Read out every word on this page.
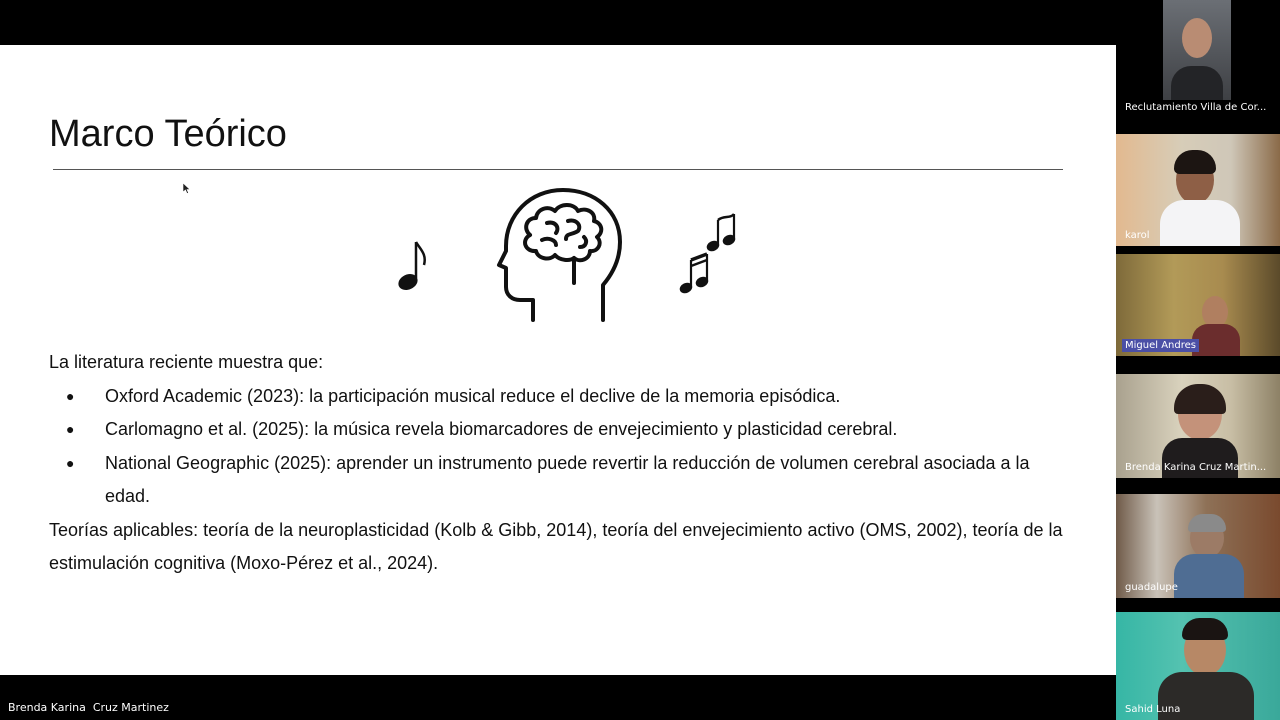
Marco Teórico

La literatura reciente muestra que:

● Oxford Academic (2023): la participación musical reduce el declive de la memoria episódica.
● Carlomagno et al. (2025): la música revela biomarcadores de envejecimiento y plasticidad cerebral.
● National Geographic (2025): aprender un instrumento puede revertir la reducción de volumen cerebral asociada a la edad.

Teorías aplicables: teoría de la neuroplasticidad (Kolb & Gibb, 2014), teoría del envejecimiento activo (OMS, 2002), teoría de la estimulación cognitiva (Moxo-Pérez et al., 2024).

Brenda Karina  Cruz Martinez
Reclutamiento Villa de Cor...
karol
Miguel Andres
Brenda Karina Cruz Martin...
guadalupe
Sahid Luna
